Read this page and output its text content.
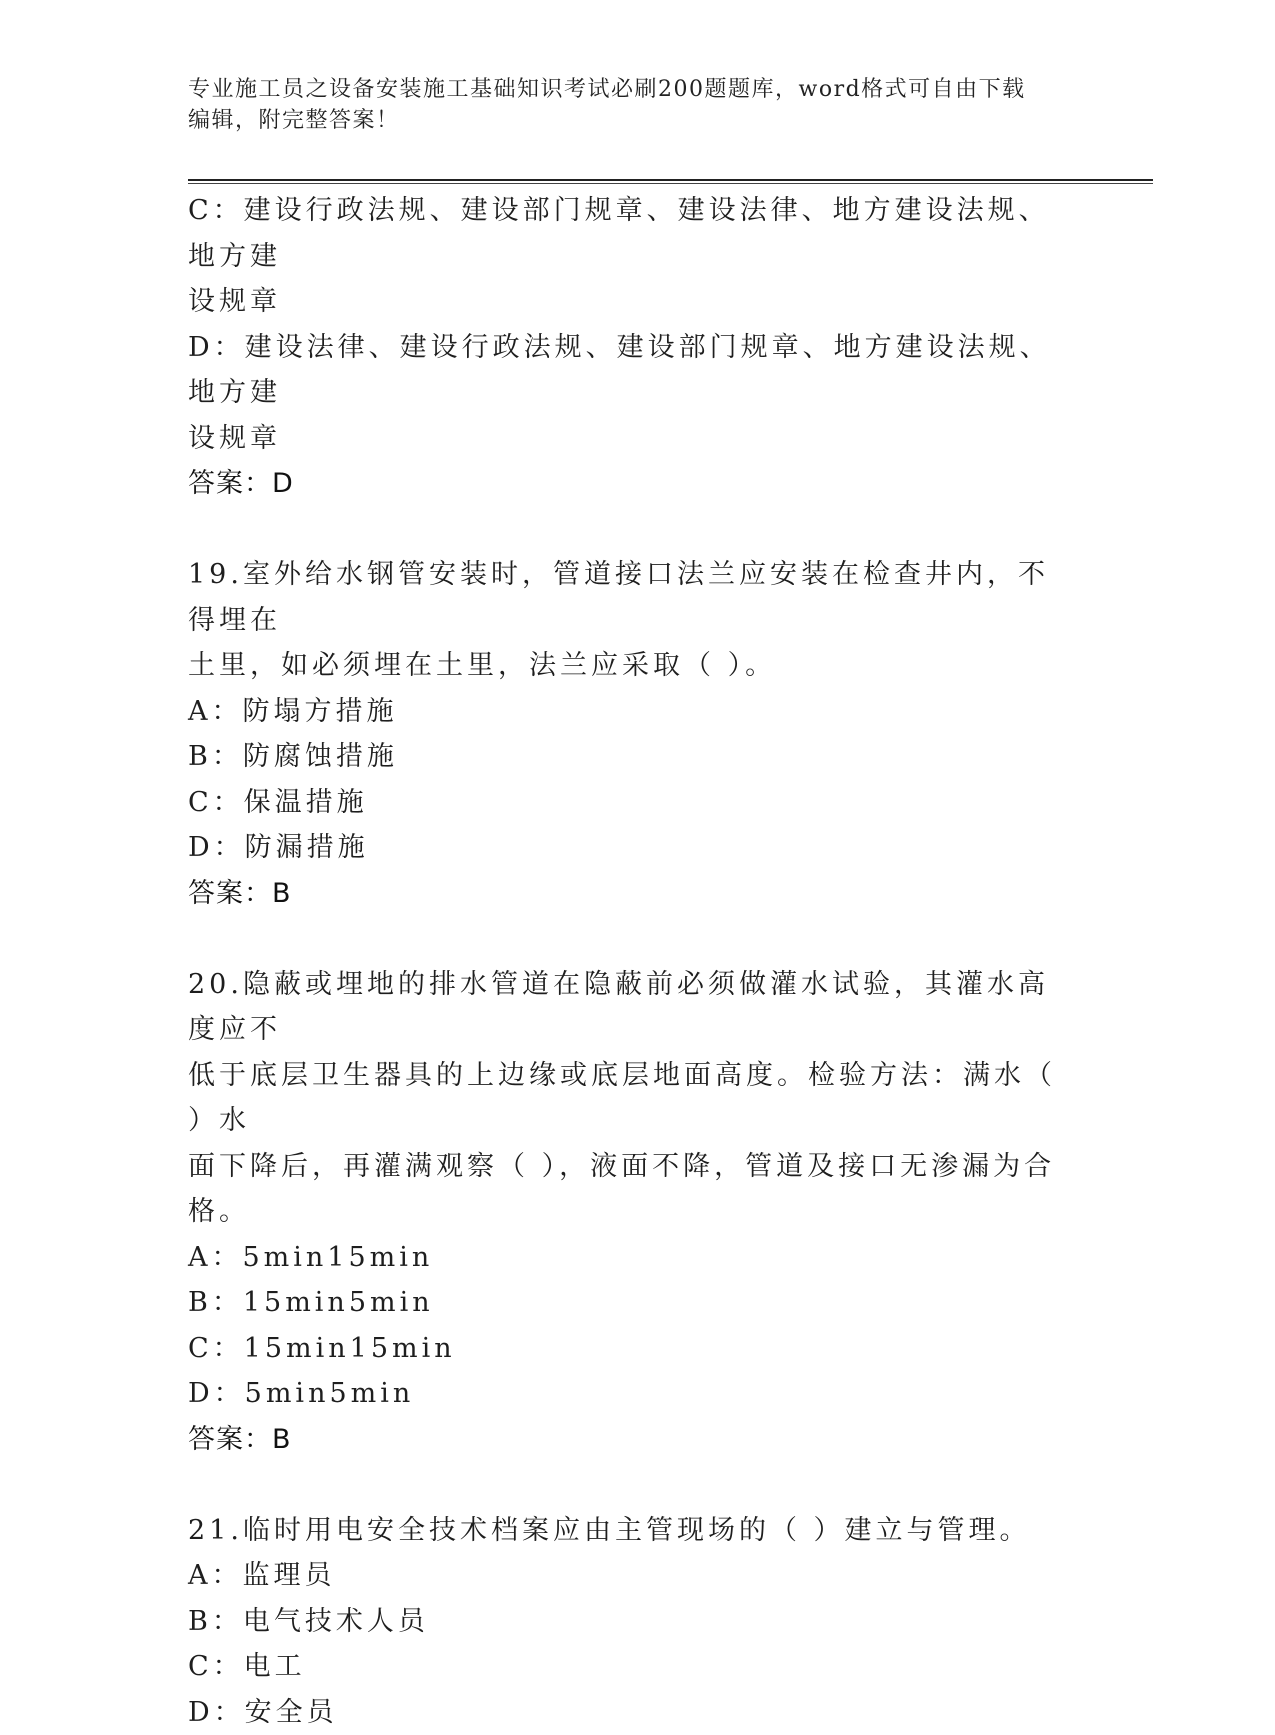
专业施工员之设备安装施工基础知识考试必刷200题题库，word格式可自由下载
编辑，附完整答案！
C：建设行政法规、建设部门规章、建设法律、地方建设法规、地方建
设规章
D：建设法律、建设行政法规、建设部门规章、地方建设法规、地方建
设规章
答案：D
19.室外给水钢管安装时，管道接口法兰应安装在检查井内，不得埋在
土里，如必须埋在土里，法兰应采取（ ）。
A：防塌方措施
B：防腐蚀措施
C：保温措施
D：防漏措施
答案：B
20.隐蔽或埋地的排水管道在隐蔽前必须做灌水试验，其灌水高度应不
低于底层卫生器具的上边缘或底层地面高度。检验方法：满水（ ）水
面下降后，再灌满观察（ ），液面不降，管道及接口无渗漏为合格。
A：5min15min
B：15min5min
C：15min15min
D：5min5min
答案：B
21.临时用电安全技术档案应由主管现场的（ ）建立与管理。
A：监理员
B：电气技术人员
C：电工
D：安全员
